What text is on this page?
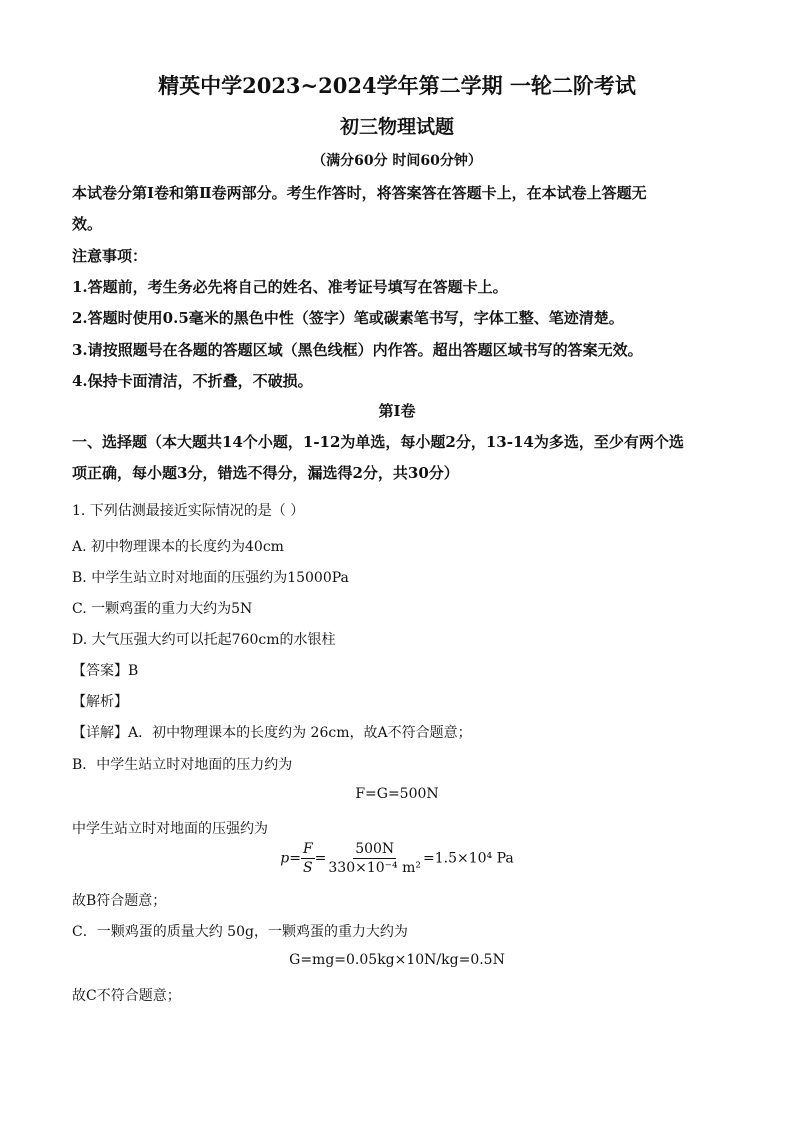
精英中学2023~2024学年第二学期 一轮二阶考试
初三物理试题
（满分60分 时间60分钟）
本试卷分第Ⅰ卷和第Ⅱ卷两部分。考生作答时，将答案答在答题卡上，在本试卷上答题无
效。
注意事项：
1.答题前，考生务必先将自己的姓名、准考证号填写在答题卡上。
2.答题时使用0.5毫米的黑色中性（签字）笔或碳素笔书写，字体工整、笔迹清楚。
3.请按照题号在各题的答题区域（黑色线框）内作答。超出答题区域书写的答案无效。
4.保持卡面清洁，不折叠，不破损。
第Ⅰ卷
一、选择题（本大题共14个小题，1-12为单选，每小题2分，13-14为多选，至少有两个选
项正确，每小题3分，错选不得分，漏选得2分，共30分）
1. 下列估测最接近实际情况的是（ ）
A. 初中物理课本的长度约为40cm
B. 中学生站立时对地面的压强约为15000Pa
C. 一颗鸡蛋的重力大约为5N
D. 大气压强大约可以托起760cm的水银柱
【答案】B
【解析】
【详解】A．初中物理课本的长度约为 26cm，故A不符合题意；
B．中学生站立时对地面的压力约为
F=G=500N
中学生站立时对地面的压强约为
$p= \frac{F}{S} = \frac{500N}{\text{330×10⁻⁴ m²}} =1.5\times 10^4$ Pa
故B符合题意；
C．一颗鸡蛋的质量大约 50g，一颗鸡蛋的重力大约为
G=mg=0.05kg×10N/kg=0.5N
故C不符合题意；
